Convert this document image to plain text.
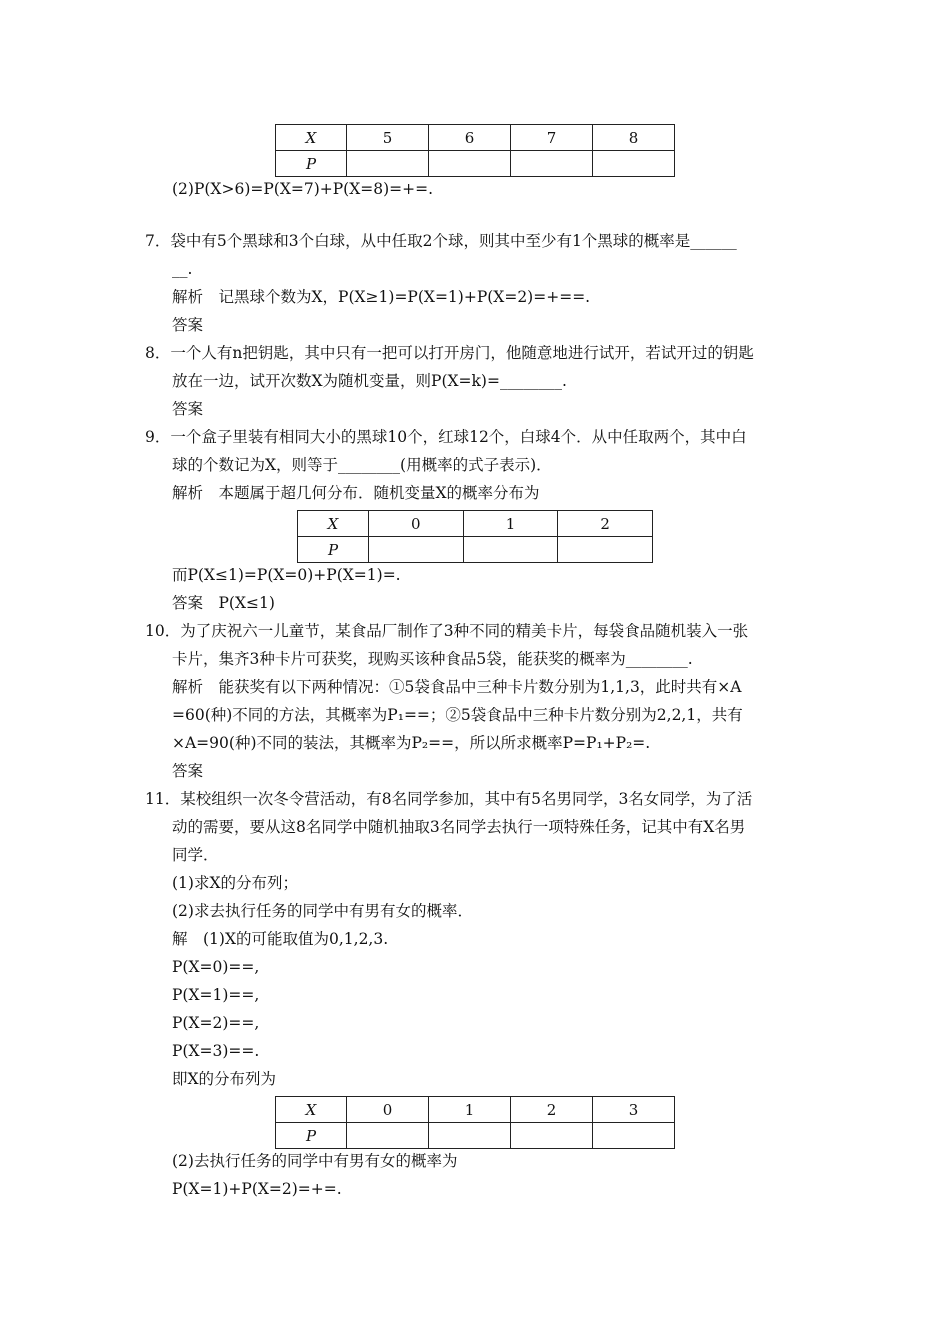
X	5	6	7	8
P				
(2)P(X>6)=P(X=7)+P(X=8)=+=.
7．袋中有5个黑球和3个白球，从中任取2个球，则其中至少有1个黑球的概率是______
__.
解析　记黑球个数为X，P(X≥1)=P(X=1)+P(X=2)=+==.
答案
8．一个人有n把钥匙，其中只有一把可以打开房门，他随意地进行试开，若试开过的钥匙
放在一边，试开次数X为随机变量，则P(X=k)=________.
答案
9．一个盒子里装有相同大小的黑球10个，红球12个，白球4个．从中任取两个，其中白
球的个数记为X，则等于________(用概率的式子表示)．
解析　本题属于超几何分布．随机变量X的概率分布为
X	0	1	2
P			
而P(X≤1)=P(X=0)+P(X=1)=.
答案　P(X≤1)
10．为了庆祝六一儿童节，某食品厂制作了3种不同的精美卡片，每袋食品随机装入一张
卡片，集齐3种卡片可获奖，现购买该种食品5袋，能获奖的概率为________.
解析　能获奖有以下两种情况：①5袋食品中三种卡片数分别为1,1,3，此时共有×A
=60(种)不同的方法，其概率为P₁==；②5袋食品中三种卡片数分别为2,2,1，共有
×A=90(种)不同的装法，其概率为P₂==，所以所求概率P=P₁+P₂=.
答案
11．某校组织一次冬令营活动，有8名同学参加，其中有5名男同学，3名女同学，为了活
动的需要，要从这8名同学中随机抽取3名同学去执行一项特殊任务，记其中有X名男
同学．
(1)求X的分布列；
(2)求去执行任务的同学中有男有女的概率．
解　(1)X的可能取值为0,1,2,3.
P(X=0)==,
P(X=1)==,
P(X=2)==,
P(X=3)==.
即X的分布列为
X	0	1	2	3
P				
(2)去执行任务的同学中有男有女的概率为
P(X=1)+P(X=2)=+=.
